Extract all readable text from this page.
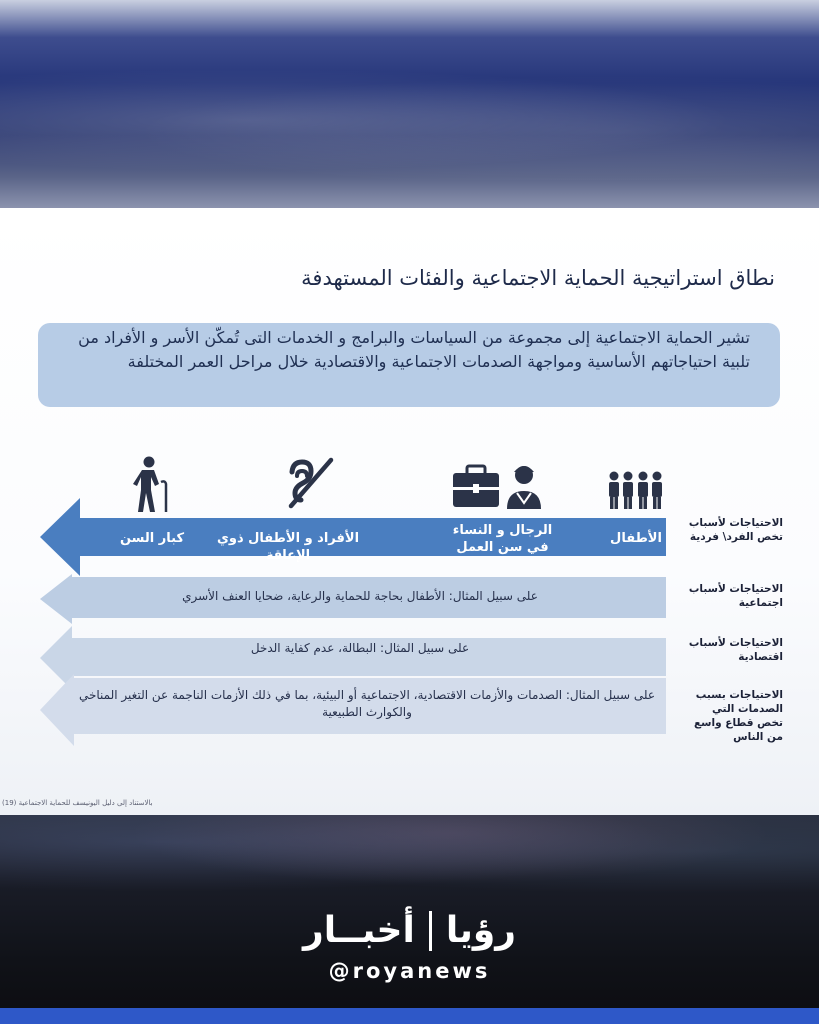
نطاق استراتيجية الحماية الاجتماعية والفئات المستهدفة
تشير الحماية الاجتماعية إلى مجموعة من السياسات والبرامج و الخدمات التى تُمكّن الأسر و الأفراد من تلبية احتياجاتهم الأساسية ومواجهة الصدمات الاجتماعية والاقتصادية خلال مراحل العمر المختلفة
الأطفال
الرجال و النساء في سن العمل
الأفراد و الأطفال ذوي الإعاقة
كبار السن
على سبيل المثال: الأطفال بحاجة للحماية والرعاية، ضحايا العنف الأسري
على سبيل المثال: البطالة، عدم كفاية الدخل
على سبيل المثال: الصدمات والأزمات الاقتصادية، الاجتماعية أو البيئية، بما في ذلك الأزمات الناجمة عن التغير المناخي والكوارث الطبيعية
الاحتياجات لأسباب تخص الفرد\ فردية
الاحتياجات لأسباب اجتماعية
الاحتياجات لأسباب اقتصادية
الاحتياجات بسبب الصدمات التي تخص قطاع واسع من الناس
بالاستناد إلى دليل اليونيسف للحماية الاجتماعية (19)
أخبــار رؤيا
@royanews
